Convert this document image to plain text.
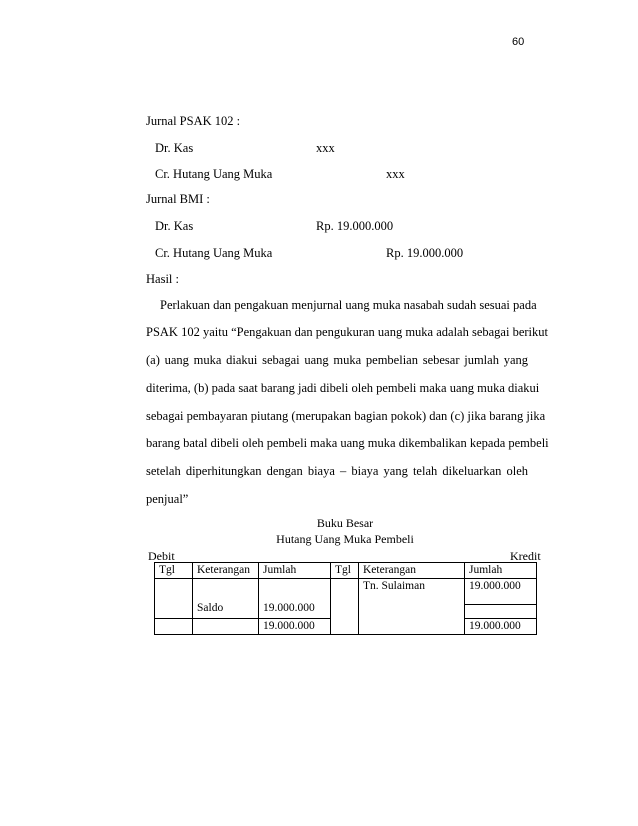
60
Jurnal PSAK 102 :
Dr. Kas	xxx
Cr. Hutang Uang Muka	xxx
Jurnal BMI :
Dr. Kas	Rp. 19.000.000
Cr. Hutang Uang Muka	Rp. 19.000.000
Hasil :
Perlakuan dan pengakuan menjurnal uang muka nasabah sudah sesuai pada
PSAK 102 yaitu “Pengakuan dan pengukuran uang muka adalah sebagai berikut
(a) uang muka diakui sebagai uang muka pembelian sebesar jumlah yang
diterima, (b) pada saat barang jadi dibeli oleh pembeli maka uang muka diakui
sebagai pembayaran piutang (merupakan bagian pokok) dan (c) jika barang jika
barang batal dibeli oleh pembeli maka uang muka dikembalikan kepada pembeli
setelah diperhitungkan dengan biaya – biaya yang telah dikeluarkan oleh
penjual”
Buku Besar
Hutang Uang Muka Pembeli
Debit	Kredit
Tgl	Keterangan	Jumlah	Tgl	Keterangan	Jumlah
	Saldo	19.000.000		Tn. Sulaiman	19.000.000

		19.000.000			19.000.000
